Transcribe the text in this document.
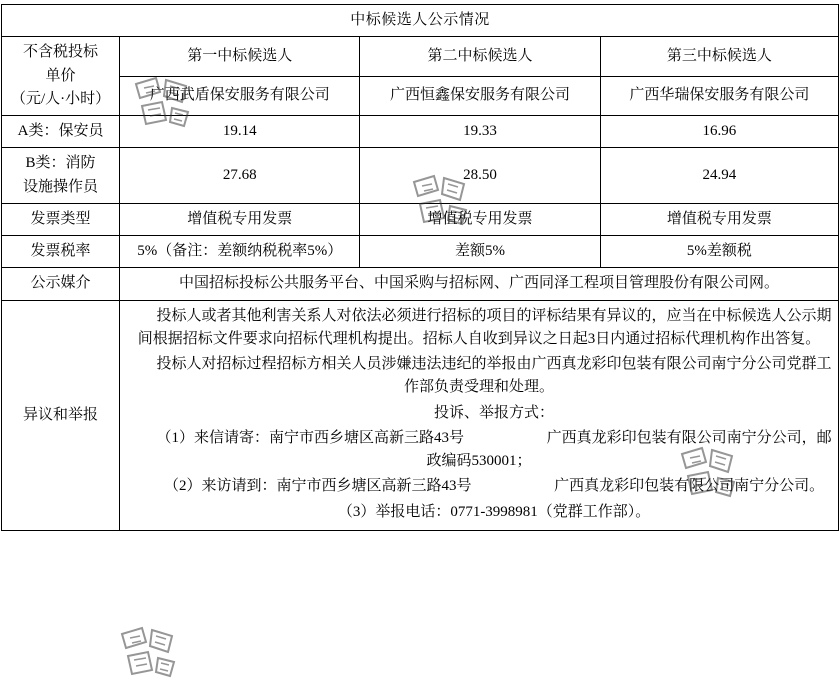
中标候选人公示情况			

不含税投标
单价
（元/人·小时）	第一中标候选人	第二中标候选人	第三中标候选人
	广西武盾保安服务有限公司	广西恒鑫保安服务有限公司	广西华瑞保安服务有限公司
A类：保安员	19.14	19.33	16.96

B类：消防
设施操作员	27.68	28.50	24.94
发票类型	增值税专用发票	增值税专用发票	增值税专用发票
发票税率	5%（备注：差额纳税税率5%）	差额5%	5%差额税
公示媒介	中国招标投标公共服务平台、中国采购与招标网、广西同泽工程项目管理股份有限公司网。		
异议和举报	

投标人或者其他利害关系人对依法必须进行招标的项目的评标结果有异议的，应当在中标候选人公示期间根据招标文件要求向招标代理机构提出。招标人自收到异议之日起3日内通过招标代理机构作出答复。

投标人对招标过程招标方相关人员涉嫌违法违纪的举报由广西真龙彩印包装有限公司南宁分公司党群工作部负责受理和处理。

投诉、举报方式：

（1）来信请寄：南宁市西乡塘区高新三路43号	广西真龙彩印包装有限公司南宁分公司，邮政编码530001；

（2）来访请到：南宁市西乡塘区高新三路43号	广西真龙彩印包装有限公司南宁分公司。

（3）举报电话：0771-3998981（党群工作部）。
